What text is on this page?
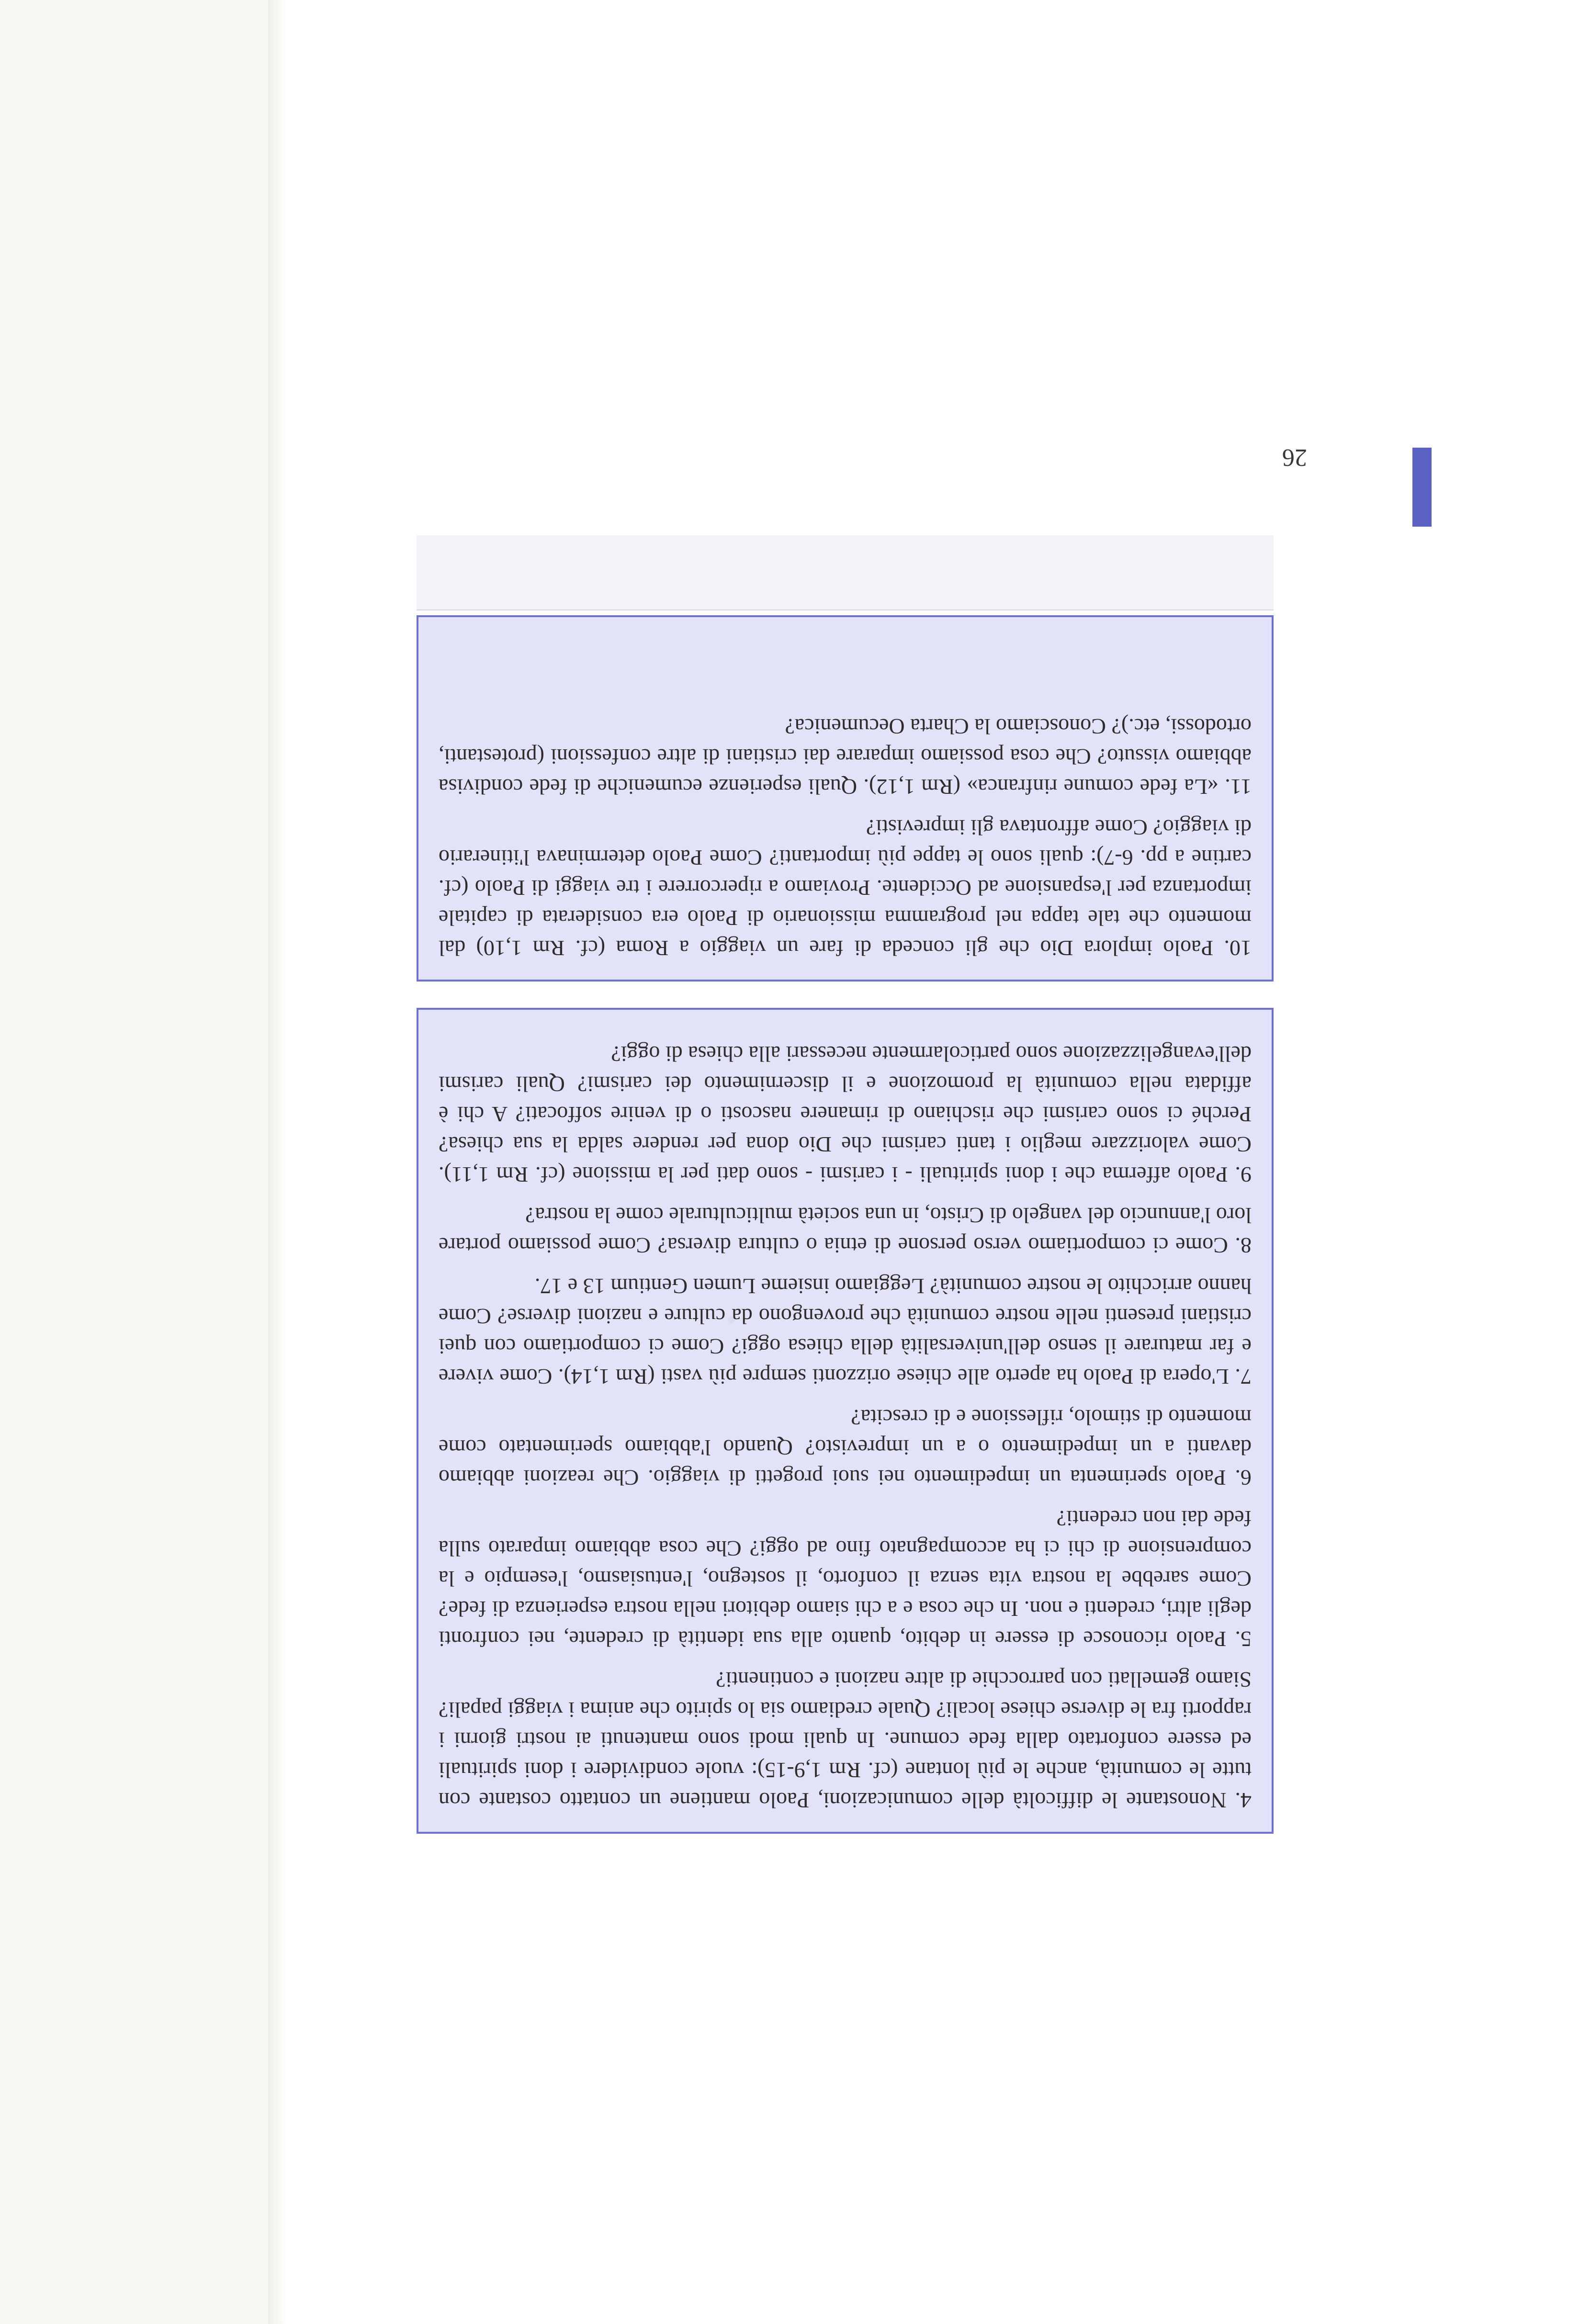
26

4. Nonostante le difficoltà delle comunicazioni, Paolo mantiene un contatto costante con tutte le comunità, anche le più lontane (cf. Rm 1,9-15): vuole condividere i doni spirituali ed essere confortato dalla fede comune. In quali modi sono mantenuti ai nostri giorni i rapporti fra le diverse chiese locali? Quale crediamo sia lo spirito che anima i viaggi papali? Siamo gemellati con parrocchie di altre nazioni e continenti?

5. Paolo riconosce di essere in debito, quanto alla sua identità di credente, nei confronti degli altri, credenti e non. In che cosa e a chi siamo debitori nella nostra esperienza di fede? Come sarebbe la nostra vita senza il conforto, il sostegno, l'entusiasmo, l'esempio e la comprensione di chi ci ha accompagnato fino ad oggi? Che cosa abbiamo imparato sulla fede dai non credenti?

6. Paolo sperimenta un impedimento nei suoi progetti di viaggio. Che reazioni abbiamo davanti a un impedimento o a un imprevisto? Quando l'abbiamo sperimentato come momento di stimolo, riflessione e di crescita?

7. L'opera di Paolo ha aperto alle chiese orizzonti sempre più vasti (Rm 1,14). Come vivere e far maturare il senso dell'universalità della chiesa oggi? Come ci comportiamo con quei cristiani presenti nelle nostre comunità che provengono da culture e nazioni diverse? Come hanno arricchito le nostre comunità? Leggiamo insieme Lumen Gentium 13 e 17.

8. Come ci comportiamo verso persone di etnia o cultura diversa? Come possiamo portare loro l'annuncio del vangelo di Cristo, in una società multiculturale come la nostra?

9. Paolo afferma che i doni spirituali - i carismi - sono dati per la missione (cf. Rm 1,11). Come valorizzare meglio i tanti carismi che Dio dona per rendere salda la sua chiesa? Perché ci sono carismi che rischiano di rimanere nascosti o di venire soffocati? A chi è affidata nella comunità la promozione e il discernimento dei carismi? Quali carismi dell'evangelizzazione sono particolarmente necessari alla chiesa di oggi?

10. Paolo implora Dio che gli conceda di fare un viaggio a Roma (cf. Rm 1,10) dal momento che tale tappa nel programma missionario di Paolo era considerata di capitale importanza per l'espansione ad Occidente. Proviamo a ripercorrere i tre viaggi di Paolo (cf. cartine a pp. 6-7): quali sono le tappe più importanti? Come Paolo determinava l'itinerario di viaggio? Come affrontava gli imprevisti?

11. «La fede comune rinfranca» (Rm 1,12). Quali esperienze ecumeniche di fede condivisa abbiamo vissuto? Che cosa possiamo imparare dai cristiani di altre confessioni (protestanti, ortodossi, etc.)? Conosciamo la Charta Oecumenica?
